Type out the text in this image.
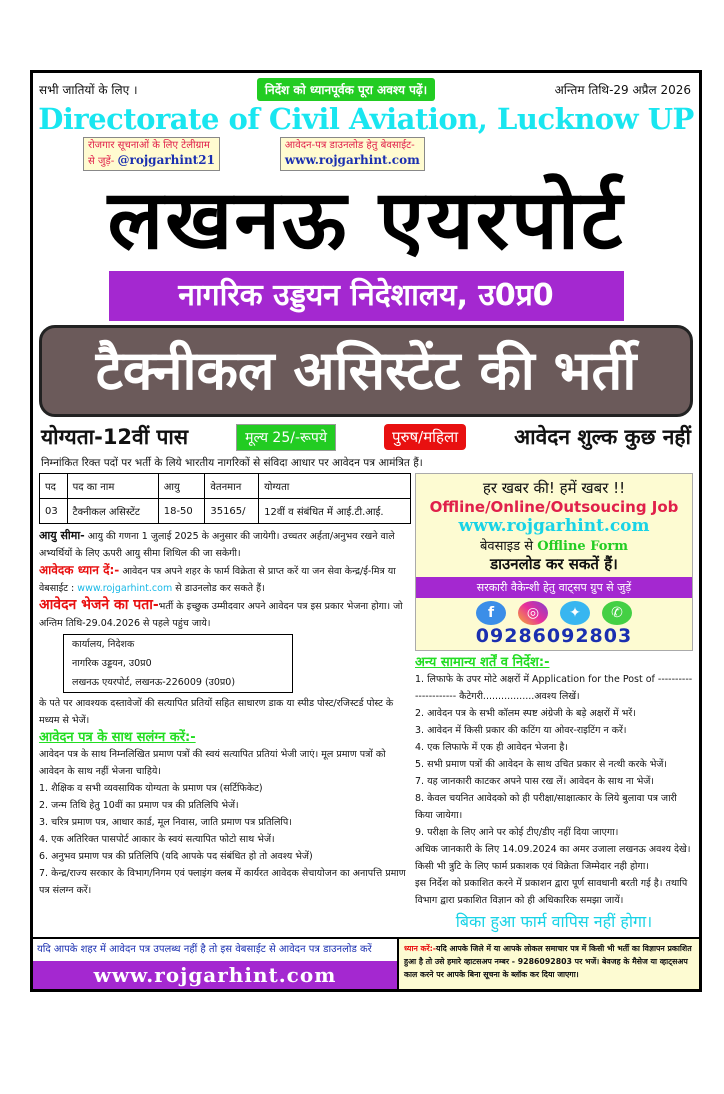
सभी जातियों के लिए ।	निर्देश को ध्यानपूर्वक पूरा अवश्य पढ़ें।	अन्तिम तिथि-29 अप्रैल 2026
Directorate of Civil Aviation, Lucknow UP
रोजगार सूचनाओं के लिए टेलीग्राम
से जुड़ें- @rojgarhint21
आवेदन-पत्र डाउनलोड हेतु बेवसाईट-
www.rojgarhint.com
लखनऊ एयरपोर्ट
नागरिक उड्डयन निदेशालय, उ0प्र0
टैक्नीकल असिस्टेंट की भर्ती
योग्यता-12वीं पास	मूल्य 25/-रूपये	पुरुष/महिला	आवेदन शुल्क कुछ नहीं
निम्नांकित रिक्त पदों पर भर्ती के लिये भारतीय नागरिकों से संविदा आधार पर आवेदन पत्र आमंत्रित हैं।
पद	पद का नाम	आयु	वेतनमान	योग्यता
03	टैक्नीकल असिस्टेंट	18-50	35165/	12वीं व संबंधित में आई.टी.आई.
आयु सीमा- आयु की गणना 1 जुलाई 2025 के अनुसार की जायेगी। उच्चतर अर्हता/अनुभव रखने वाले अभ्यर्थियों के लिए ऊपरी आयु सीमा शिथिल की जा सकेगी।
आवेदक ध्यान दें:- आवेदन पत्र अपने शहर के फार्म विक्रेता से प्राप्त करें या जन सेवा केन्द्र/ई-मित्र या वेबसाईट : www.rojgarhint.com से डाउनलोड कर सकते हैं।
आवेदन भेजने का पता-भर्ती के इच्छुक उम्मीदवार अपने आवेदन पत्र इस प्रकार भेजना होगा। जो अन्तिम तिथि-29.04.2026 से पहले पहुंच जाये।
कार्यालय, निदेशक
नागरिक उड्डयन, उ0प्र0
लखनऊ एयरपोर्ट, लखनऊ-226009 (उ0प्र0)
के पते पर आवश्यक दस्तावेजों की सत्यापित प्रतियों सहित साधारण डाक या स्पीड पोस्ट/रजिस्टर्ड पोस्ट के मध्यम से भेजें।
आवेदन पत्र के साथ सलंग्न करें:-
आवेदन पत्र के साथ निम्नलिखित प्रमाण पत्रों की स्वयं सत्यापित प्रतियां भेजी जाएं। मूल प्रमाण पत्रों को आवेदन के साथ नहीं भेजना चाहिये।
1. शैक्षिक व सभी व्यवसायिक योग्यता के प्रमाण पत्र (सर्टिफिकेट)
2. जन्म तिथि हेतु 10वीं का प्रमाण पत्र की प्रतिलिपि भेजें।
3. चरित्र प्रमाण पत्र, आधार कार्ड, मूल निवास, जाति प्रमाण पत्र प्रतिलिपि।
4. एक अतिरिक्त पासपोर्ट आकार के स्वयं सत्यापित फोटो साथ भेजें।
6. अनुभव प्रमाण पत्र की प्रतिलिपि (यदि आपके पद संबंधित हो तो अवश्य भेजें)
7. केन्द्र/राज्य सरकार के विभाग/निगम एवं फ्लाइंग क्लब में कार्यरत आवेदक सेचायोजन का अनापत्ति प्रमाण पत्र संलग्न करें।
हर खबर की! हमें खबर !!
Offline/Online/Outsoucing Job
www.rojgarhint.com
बेवसाइड से Offline Form
डाउनलोड कर सकतें हैं।
सरकारी वैकेन्शी हेतु वाट्सप ग्रुप से जुड़ें
f	◎	✦	✆
09286092803
अन्य सामान्य शर्तें व निर्देश:-
1. लिफाफे के उपर मोटे अक्षरों में Application for the Post of ---------------------- कैटेगरी.................अवश्य लिखें।
2. आवेदन पत्र के सभी कॉलम स्पष्ट अंग्रेजी के बड़े अक्षरों में भरें।
3. आवेदन में किसी प्रकार की कटिंग या ओवर-राइटिंग न करें।
4. एक लिफाफे में एक ही आवेदन भेजना है।
5. सभी प्रमाण पत्रों की आवेदन के साथ उचित प्रकार से नत्थी करके भेजें।
7. यह जानकारी काटकर अपने पास रख लें। आवेदन के साथ ना भेजें।
8. केवल चयनित आवेदको को ही परीक्षा/साक्षात्कार के लिये बुलावा पत्र जारी किया जायेगा।
9. परीक्षा के लिए आने पर कोई टीए/डीए नहीं दिया जाएगा।
अधिक जानकारी के लिए 14.09.2024 का अमर उजाला लखनऊ अवश्य देखे।
किसी भी त्रुटि के लिए फार्म प्रकाशक एवं विक्रेता जिम्मेदार नही होगा।
इस निर्देश को प्रकाशित करने में प्रकाशन द्वारा पूर्ण सावधानी बरती गई है। तथापि विभाग द्वारा प्रकाशित विज्ञान को ही अधिकारिक समझा जायें।
बिका हुआ फार्म वापिस नहीं होगा।
यदि आपके शहर में आवेदन पत्र उपलब्ध नहीं है तो इस वेबसाईट से आवेदन पत्र डाउनलोड करें
www.rojgarhint.com
ध्यान करें:-यदि आपके जिले में या आपके लोकल समाचार पत्र में किसी भी भर्ती का विज्ञापन प्रकाशित हुआ है तो उसे हमारे व्हाटसअप नम्बर - 9286092803 पर भजें। बेवजह के मैसेज या व्हाट्सअप काल करने पर आपके बिना सूचना के ब्लॉक कर दिया जाएगा।
